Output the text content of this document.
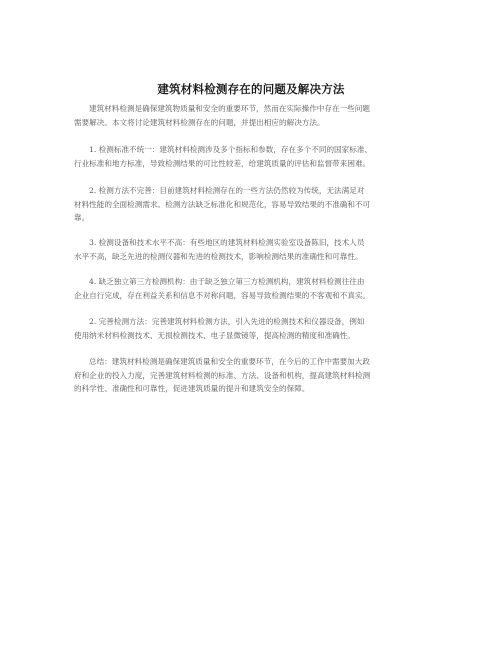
建筑材料检测存在的问题及解决方法

建筑材料检测是确保建筑物质量和安全的重要环节，然而在实际操作中存在一些问题
需要解决。本文将讨论建筑材料检测存在的问题，并提出相应的解决方法。

1. 检测标准不统一：建筑材料检测涉及多个指标和参数，存在多个不同的国家标准、
行业标准和地方标准，导致检测结果的可比性较差，给建筑质量的评估和监督带来困难。

2. 检测方法不完善：目前建筑材料检测存在的一些方法仍然较为传统，无法满足对
材料性能的全面检测需求。检测方法缺乏标准化和规范化，容易导致结果的不准确和不可
靠。

3. 检测设备和技术水平不高：有些地区的建筑材料检测实验室设备陈旧，技术人员
水平不高，缺乏先进的检测仪器和先进的检测技术，影响检测结果的准确性和可靠性。

4. 缺乏独立第三方检测机构：由于缺乏独立第三方检测机构，建筑材料检测往往由
企业自行完成，存在利益关系和信息不对称问题，容易导致检测结果的不客观和不真实。

2. 完善检测方法：完善建筑材料检测方法，引入先进的检测技术和仪器设备，例如
使用纳米材料检测技术、无损检测技术、电子显微镜等，提高检测的精度和准确性。

总结：建筑材料检测是确保建筑质量和安全的重要环节，在今后的工作中需要加大政
府和企业的投入力度，完善建筑材料检测的标准、方法、设备和机构，提高建筑材料检测
的科学性、准确性和可靠性，促进建筑质量的提升和建筑安全的保障。
